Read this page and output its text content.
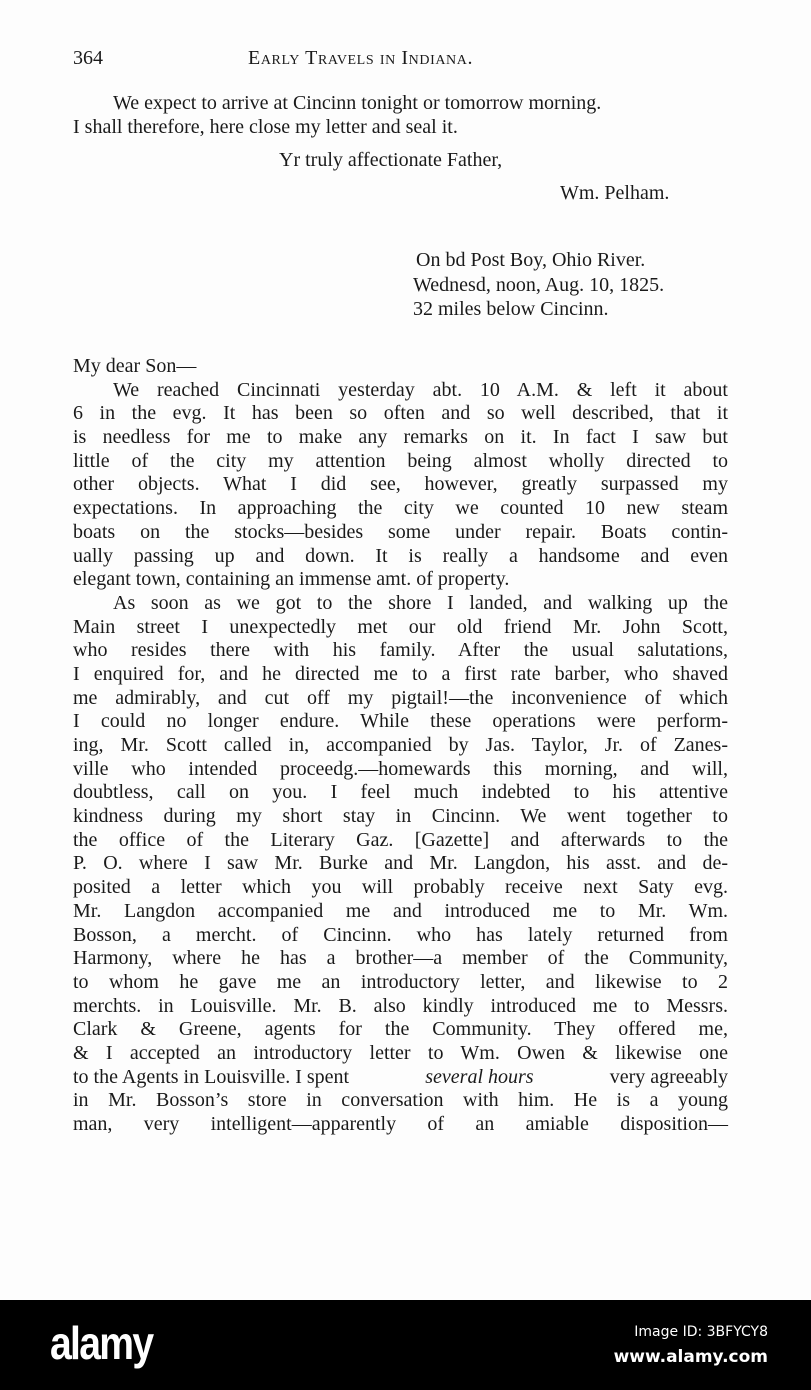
364	Early Travels in Indiana.
We expect to arrive at Cincinn tonight or tomorrow morning.
I shall therefore, here close my letter and seal it.
Yr truly affectionate Father,
Wm. Pelham.
On bd Post Boy, Ohio River.
Wednesd, noon, Aug. 10, 1825.
32 miles below Cincinn.
My dear Son—
We reached Cincinnati yesterday abt. 10 A.M. & left it about
6 in the evg. It has been so often and so well described, that it
is needless for me to make any remarks on it. In fact I saw but
little of the city my attention being almost wholly directed to
other objects. What I did see, however, greatly surpassed my
expectations. In approaching the city we counted 10 new steam
boats on the stocks—besides some under repair. Boats contin-
ually passing up and down. It is really a handsome and even
elegant town, containing an immense amt. of property.
As soon as we got to the shore I landed, and walking up the
Main street I unexpectedly met our old friend Mr. John Scott,
who resides there with his family. After the usual salutations,
I enquired for, and he directed me to a first rate barber, who shaved
me admirably, and cut off my pigtail!—the inconvenience of which
I could no longer endure. While these operations were perform-
ing, Mr. Scott called in, accompanied by Jas. Taylor, Jr. of Zanes-
ville who intended proceedg.—homewards this morning, and will,
doubtless, call on you. I feel much indebted to his attentive
kindness during my short stay in Cincinn. We went together to
the office of the Literary Gaz. [Gazette] and afterwards to the
P. O. where I saw Mr. Burke and Mr. Langdon, his asst. and de-
posited a letter which you will probably receive next Saty evg.
Mr. Langdon accompanied me and introduced me to Mr. Wm.
Bosson, a mercht. of Cincinn. who has lately returned from
Harmony, where he has a brother—a member of the Community,
to whom he gave me an introductory letter, and likewise to 2
merchts. in Louisville. Mr. B. also kindly introduced me to Messrs.
Clark & Greene, agents for the Community. They offered me,
& I accepted an introductory letter to Wm. Owen & likewise one
to the Agents in Louisville. I spent	several hours	very agreeably
in Mr. Bosson’s store in conversation with him. He is a young
man, very intelligent—apparently of an amiable disposition—
alamy	Image ID: 3BFYCY8
www.alamy.com
